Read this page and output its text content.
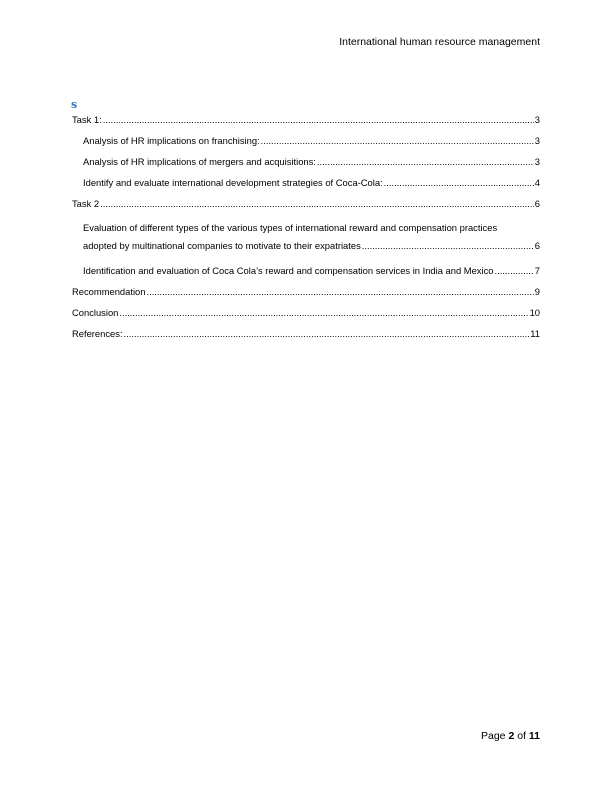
International human resource management
s
Task 1: .....	3
Analysis of HR implications on franchising: .....	3
Analysis of HR implications of mergers and acquisitions: .....	3
Identify and evaluate international development strategies of Coca-Cola: .....	4
Task 2 .....	6
Evaluation of different types of the various types of international reward and compensation practices
adopted by multinational companies to motivate to their expatriates .....	6
Identification and evaluation of Coca Cola’s reward and compensation services in India and Mexico .....	7
Recommendation .....	9
Conclusion .....	10
References: .....	11
Page 2 of 11
